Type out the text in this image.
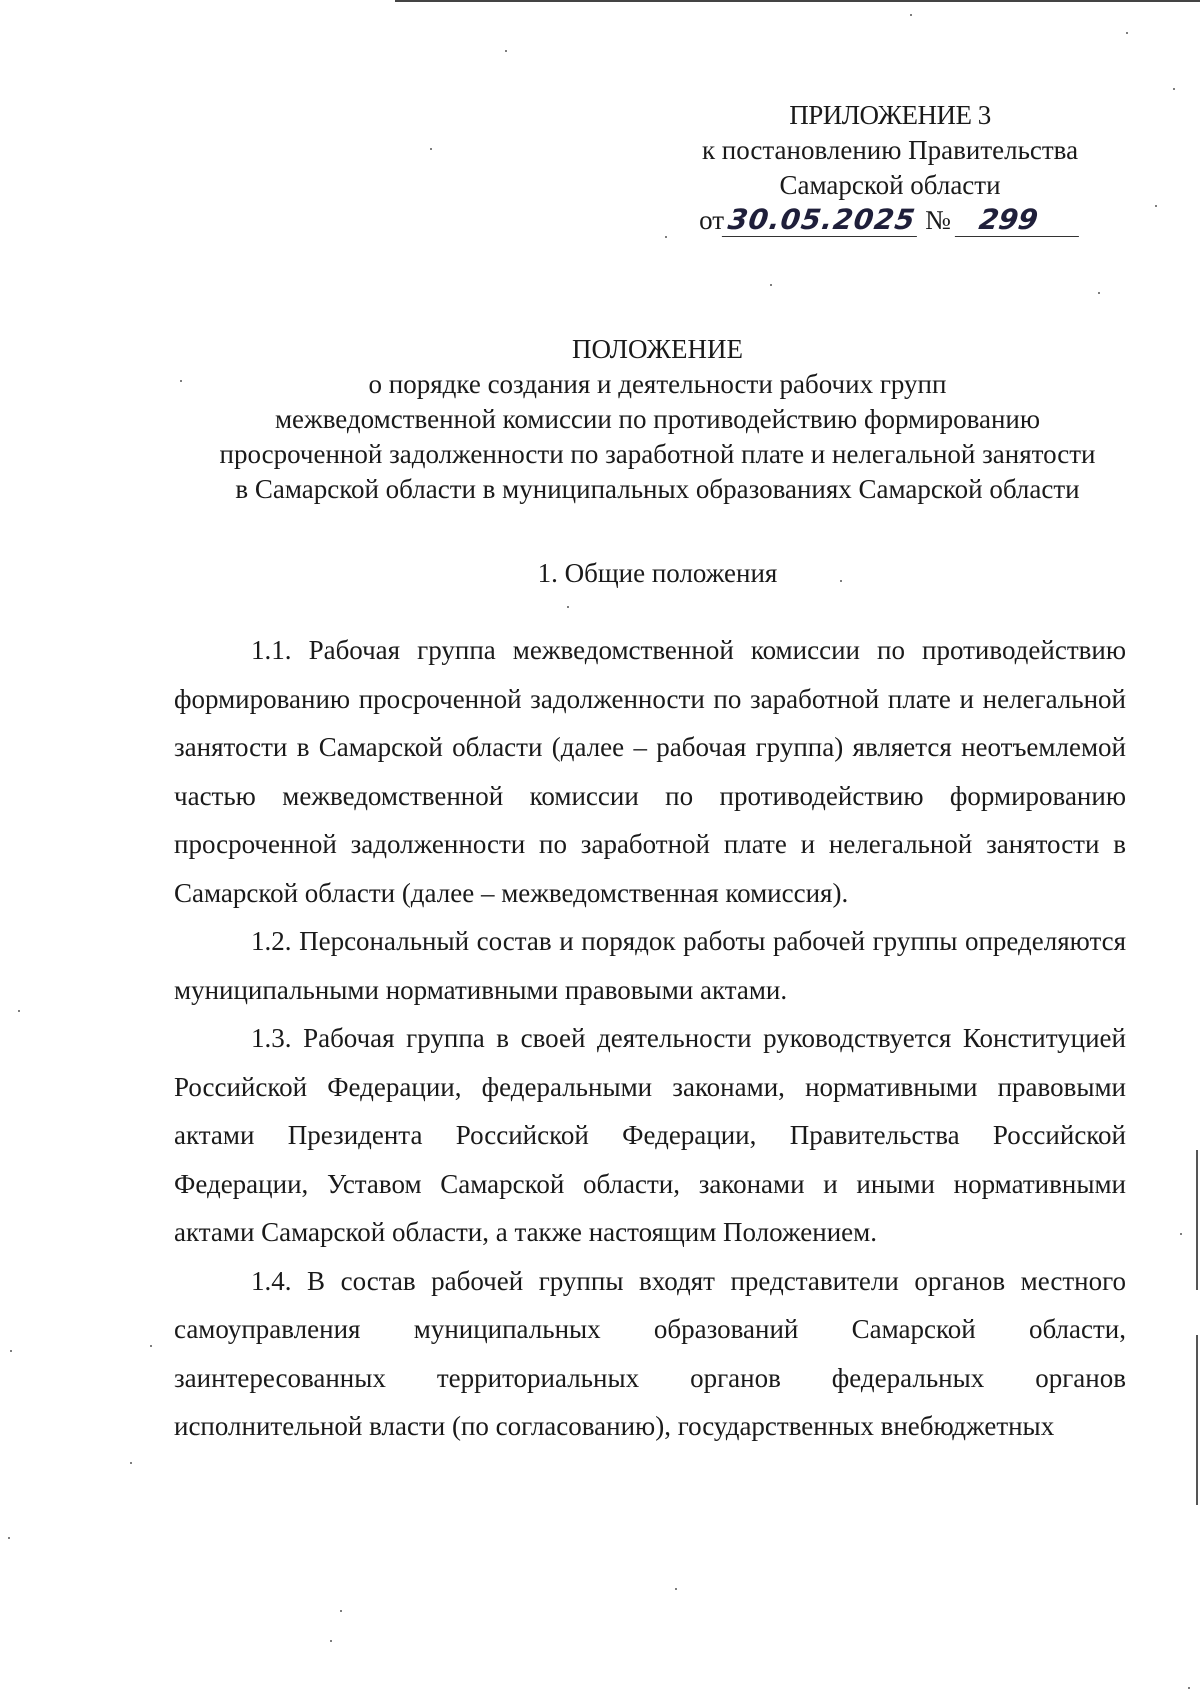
ПРИЛОЖЕНИЕ 3
к постановлению Правительства
Самарской области
от 30.05.2025 № 299
ПОЛОЖЕНИЕ
о порядке создания и деятельности рабочих групп
межведомственной комиссии по противодействию формированию
просроченной задолженности по заработной плате и нелегальной занятости
в Самарской области в муниципальных образованиях Самарской области
1. Общие положения

1.1. Рабочая группа межведомственной комиссии по противодействию формированию просроченной задолженности по заработной плате и нелегальной занятости в Самарской области (далее – рабочая группа) является неотъемлемой частью межведомственной комиссии по противодействию формированию просроченной задолженности по заработной плате и нелегальной занятости в Самарской области (далее – межведомственная комиссия).

1.2. Персональный состав и порядок работы рабочей группы определяются муниципальными нормативными правовыми актами.

1.3. Рабочая группа в своей деятельности руководствуется Конституцией Российской Федерации, федеральными законами, нормативными правовыми актами Президента Российской Федерации, Правительства Российской Федерации, Уставом Самарской области, законами и иными нормативными актами Самарской области, а также настоящим Положением.

1.4. В состав рабочей группы входят представители органов местного самоуправления муниципальных образований Самарской области, заинтересованных территориальных органов федеральных органов исполнительной власти (по согласованию), государственных внебюджетных
